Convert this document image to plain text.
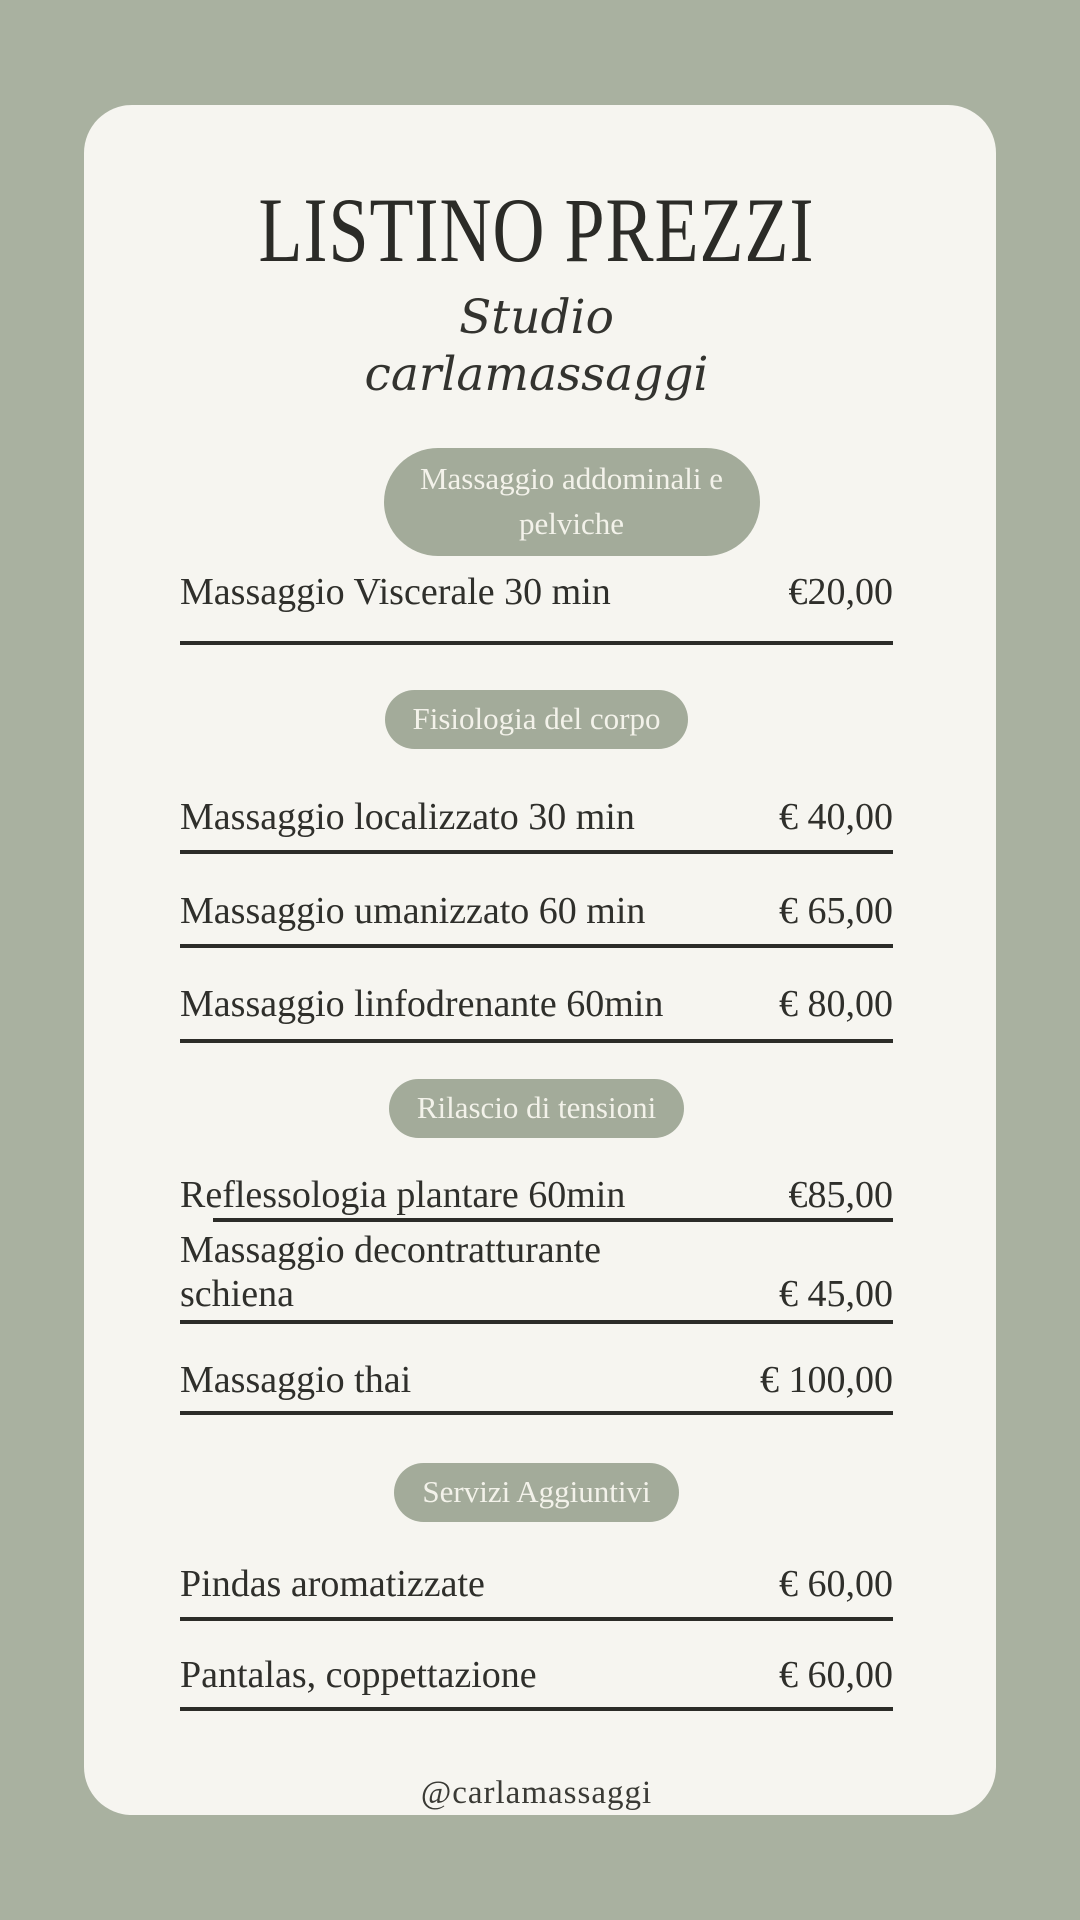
LISTINO PREZZI
Studio
carlamassaggi
Massaggio addominali e pelviche
Massaggio Viscerale 30 min	€20,00
Fisiologia del corpo
Massaggio localizzato 30 min	€ 40,00
Massaggio umanizzato 60 min	€ 65,00
Massaggio linfodrenante 60min	€ 80,00
Rilascio di tensioni
Reflessologia plantare 60min	€85,00
Massaggio decontratturante schiena	€ 45,00
Massaggio thai	€ 100,00
Servizi Aggiuntivi
Pindas aromatizzate	€ 60,00
Pantalas, coppettazione	€ 60,00
@carlamassaggi
